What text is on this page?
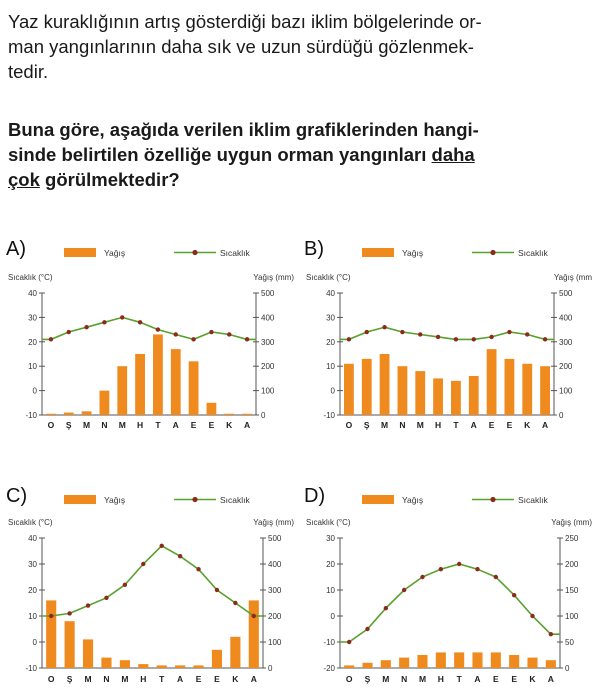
Yaz kuraklığının artış gösterdiği bazı iklim bölgelerinde or-
man yangınlarının daha sık ve uzun sürdüğü gözlenmek-
tedir.

Buna göre, aşağıda verilen iklim grafiklerinden hangi-
sinde belirtilen özelliğe uygun orman yangınları daha
çok görülmektedir?

A)	Yağış	Sıcaklık
Sıcaklık (°C)	Yağış (mm)
40	500
30	400
20	300
10	200
0	100
-10	0
O Ş M N M H T A E E K A
B)	Yağış	Sıcaklık
Sıcaklık (°C)	Yağış (mm
40	500
30	400
20	300
10	200
0	100
-10	0
O Ş M N M H T A E E K A
C)	Yağış	Sıcaklık
Sıcaklık (°C)	Yağış (mm)
40	500
30	400
20	300
10	200
0	100
-10	0
O Ş M N M H T A E E K A
D)	Yağış	Sıcaklık
Sıcaklık (°C)	Yağış (mm)
30	250
20	200
10	150
0	100
-10	50
-20	0
O Ş M N M H T A E E K A
